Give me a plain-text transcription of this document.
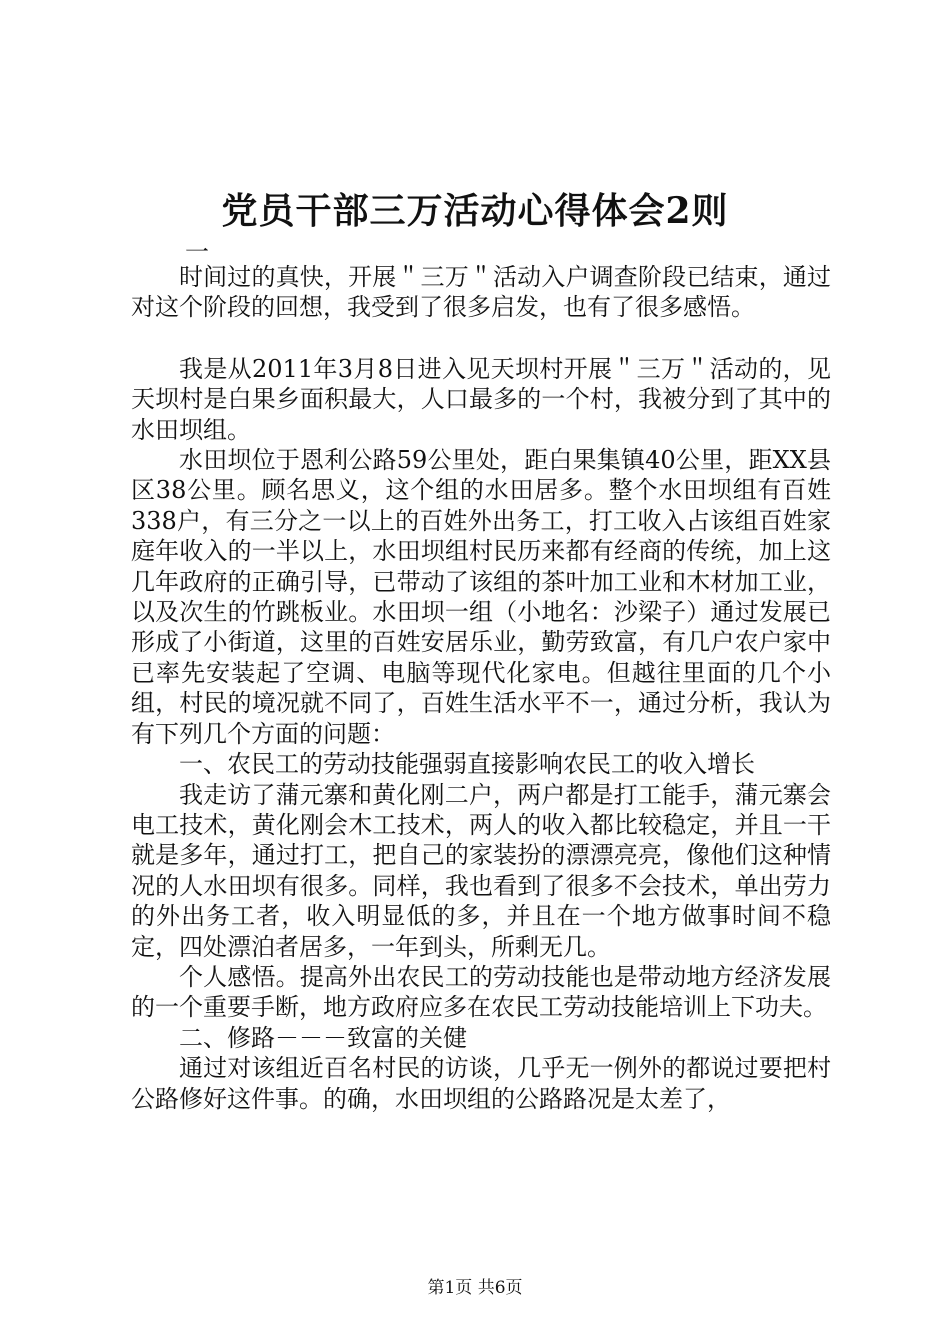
党员干部三万活动心得体会2则
一

时间过的真快，开展＂三万＂活动入户调查阶段已结束，通过对这个阶段的回想，我受到了很多启发，也有了很多感悟。

我是从2011年3月8日进入见天坝村开展＂三万＂活动的，见天坝村是白果乡面积最大，人口最多的一个村，我被分到了其中的水田坝组。

水田坝位于恩利公路59公里处，距白果集镇40公里，距XX县区38公里。顾名思义，这个组的水田居多。整个水田坝组有百姓338户，有三分之一以上的百姓外出务工，打工收入占该组百姓家庭年收入的一半以上，水田坝组村民历来都有经商的传统，加上这几年政府的正确引导，已带动了该组的茶叶加工业和木材加工业，以及次生的竹跳板业。水田坝一组（小地名：沙梁子）通过发展已形成了小街道，这里的百姓安居乐业，勤劳致富，有几户农户家中已率先安装起了空调、电脑等现代化家电。但越往里面的几个小组，村民的境况就不同了，百姓生活水平不一，通过分析，我认为有下列几个方面的问题：

一、农民工的劳动技能强弱直接影响农民工的收入增长

我走访了蒲元寨和黄化刚二户，两户都是打工能手，蒲元寨会电工技术，黄化刚会木工技术，两人的收入都比较稳定，并且一干就是多年，通过打工，把自己的家装扮的漂漂亮亮，像他们这种情况的人水田坝有很多。同样，我也看到了很多不会技术，单出劳力的外出务工者，收入明显低的多，并且在一个地方做事时间不稳定，四处漂泊者居多，一年到头，所剩无几。

个人感悟。提高外出农民工的劳动技能也是带动地方经济发展的一个重要手断，地方政府应多在农民工劳动技能培训上下功夫。

二、修路－－－致富的关健

通过对该组近百名村民的访谈，几乎无一例外的都说过要把村公路修好这件事。的确，水田坝组的公路路况是太差了，

第1页 共6页
